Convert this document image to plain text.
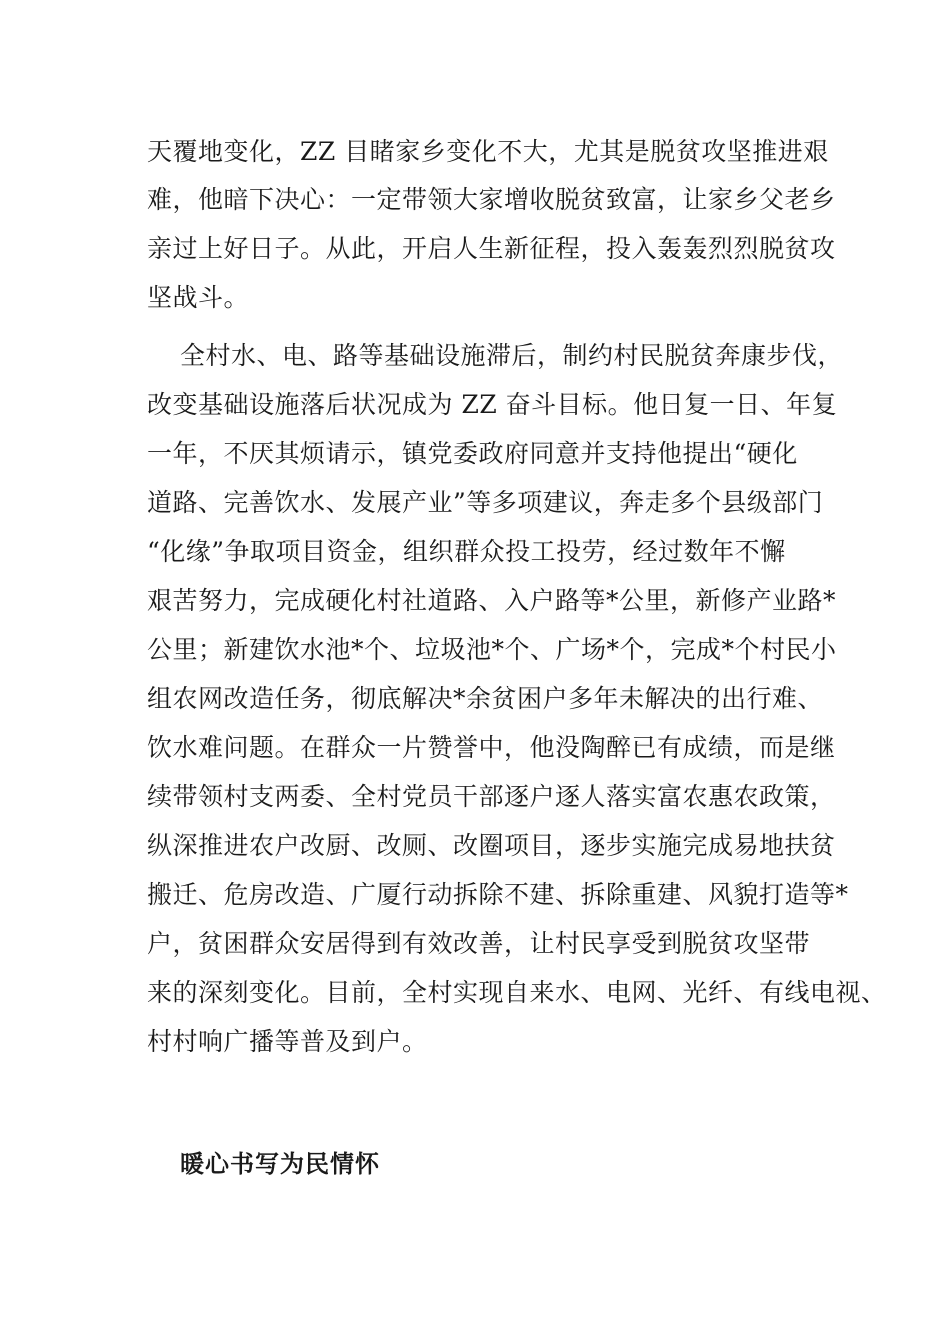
天覆地变化，ZZ 目睹家乡变化不大，尤其是脱贫攻坚推进艰
难，他暗下决心：一定带领大家增收脱贫致富，让家乡父老乡
亲过上好日子。从此，开启人生新征程，投入轰轰烈烈脱贫攻
坚战斗。
全村水、电、路等基础设施滞后，制约村民脱贫奔康步伐，
改变基础设施落后状况成为 ZZ 奋斗目标。他日复一日、年复
一年，不厌其烦请示，镇党委政府同意并支持他提出“硬化
道路、完善饮水、发展产业”等多项建议，奔走多个县级部门
“化缘”争取项目资金，组织群众投工投劳，经过数年不懈
艰苦努力，完成硬化村社道路、入户路等*公里，新修产业路*
公里；新建饮水池*个、垃圾池*个、广场*个，完成*个村民小
组农网改造任务，彻底解决*余贫困户多年未解决的出行难、
饮水难问题。在群众一片赞誉中，他没陶醉已有成绩，而是继
续带领村支两委、全村党员干部逐户逐人落实富农惠农政策，
纵深推进农户改厨、改厕、改圈项目，逐步实施完成易地扶贫
搬迁、危房改造、广厦行动拆除不建、拆除重建、风貌打造等*
户，贫困群众安居得到有效改善，让村民享受到脱贫攻坚带
来的深刻变化。目前，全村实现自来水、电网、光纤、有线电视、
村村响广播等普及到户。
暖心书写为民情怀
